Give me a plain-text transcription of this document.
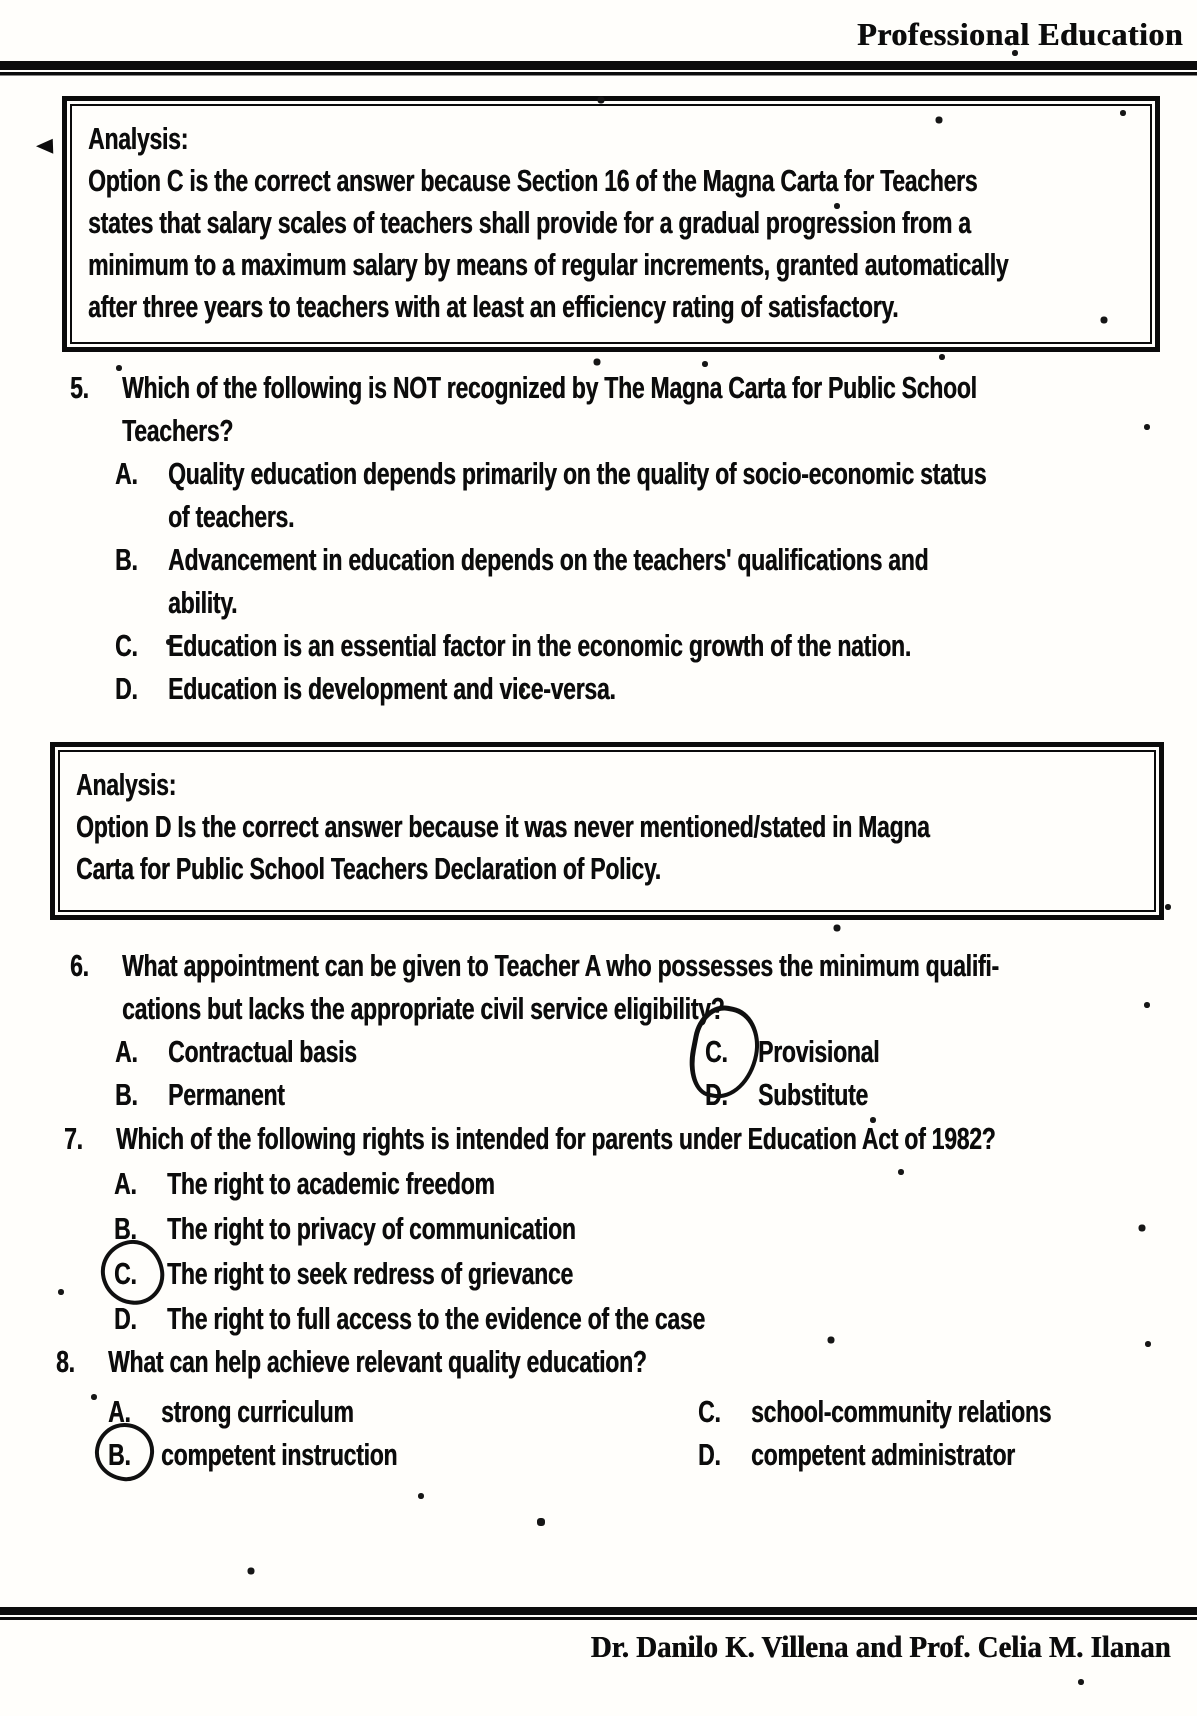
Professional Education
Analysis:
Option C is the correct answer because Section 16 of the Magna Carta for Teachers
states that salary scales of teachers shall provide for a gradual progression from a
minimum to a maximum salary by means of regular increments, granted automatically
after three years to teachers with at least an efficiency rating of satisfactory.
5.	Which of the following is NOT recognized by The Magna Carta for Public School
Teachers?
A. Quality education depends primarily on the quality of socio-economic status
of teachers.
B. Advancement in education depends on the teachers' qualifications and
ability.
C. Education is an essential factor in the economic growth of the nation.
D. Education is development and vice-versa.
Analysis:
Option D Is the correct answer because it was never mentioned/stated in Magna
Carta for Public School Teachers Declaration of Policy.
6.	What appointment can be given to Teacher A who possesses the minimum qualifi-
cations but lacks the appropriate civil service eligibility?
A. Contractual basis	C. Provisional
B. Permanent	D. Substitute
7.	Which of the following rights is intended for parents under Education Act of 1982?
A. The right to academic freedom
B. The right to privacy of communication
C. The right to seek redress of grievance
D. The right to full access to the evidence of the case
8.	What can help achieve relevant quality education?
A. strong curriculum	C. school-community relations
B. competent instruction	D. competent administrator
Dr. Danilo K. Villena and Prof. Celia M. Ilanan
